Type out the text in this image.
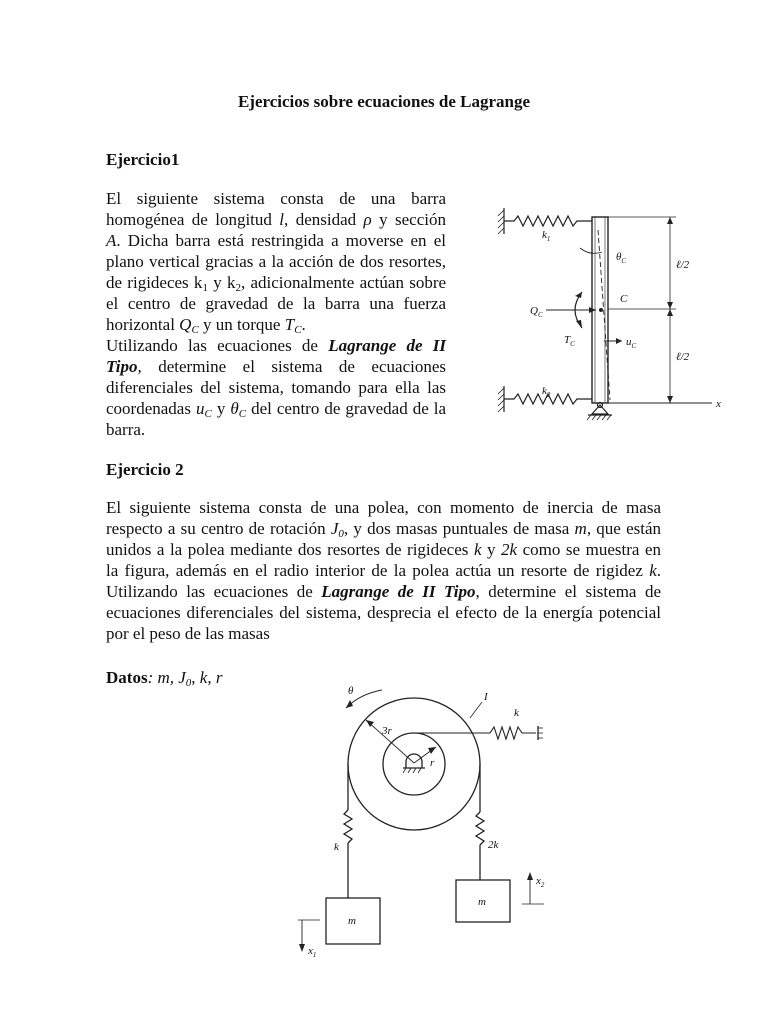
Ejercicios sobre ecuaciones de Lagrange
Ejercicio1
El siguiente sistema consta de una barra
homogénea de longitud l, densidad ρ y sección
A. Dicha barra está restringida a moverse en el
plano vertical gracias a la acción de dos resortes,
de rigideces $k_1$ y $k_2$, adicionalmente actúan sobre
el centro de gravedad de la barra una fuerza
horizontal $Q_C$ y un torque $T_C$.
Utilizando las ecuaciones de Lagrange de II
Tipo, determine el sistema de ecuaciones
diferenciales del sistema, tomando para ella las
coordenadas $u_C$ y $\theta_C$ del centro de gravedad de la
barra.
$k_1$
$k_2$
$\theta_C$
C
$Q_C$
$T_C$	$u_C$
ℓ/2
ℓ/2
x
Ejercicio 2
El siguiente sistema consta de una polea, con momento de inercia de masa
respecto a su centro de rotación $J_0$, y dos masas puntuales de masa m, que están
unidos a la polea mediante dos resortes de rigideces k y 2k como se muestra en
la figura, además en el radio interior de la polea actúa un resorte de rigidez k.
Utilizando las ecuaciones de Lagrange de II Tipo, determine el sistema de
ecuaciones diferenciales del sistema, desprecia el efecto de la energía potencial
por el peso de las masas
Datos: m, $J_0$, k, r
θ	I
k
3r
r
k	2k
m
m
$x_1$
$x_2$
